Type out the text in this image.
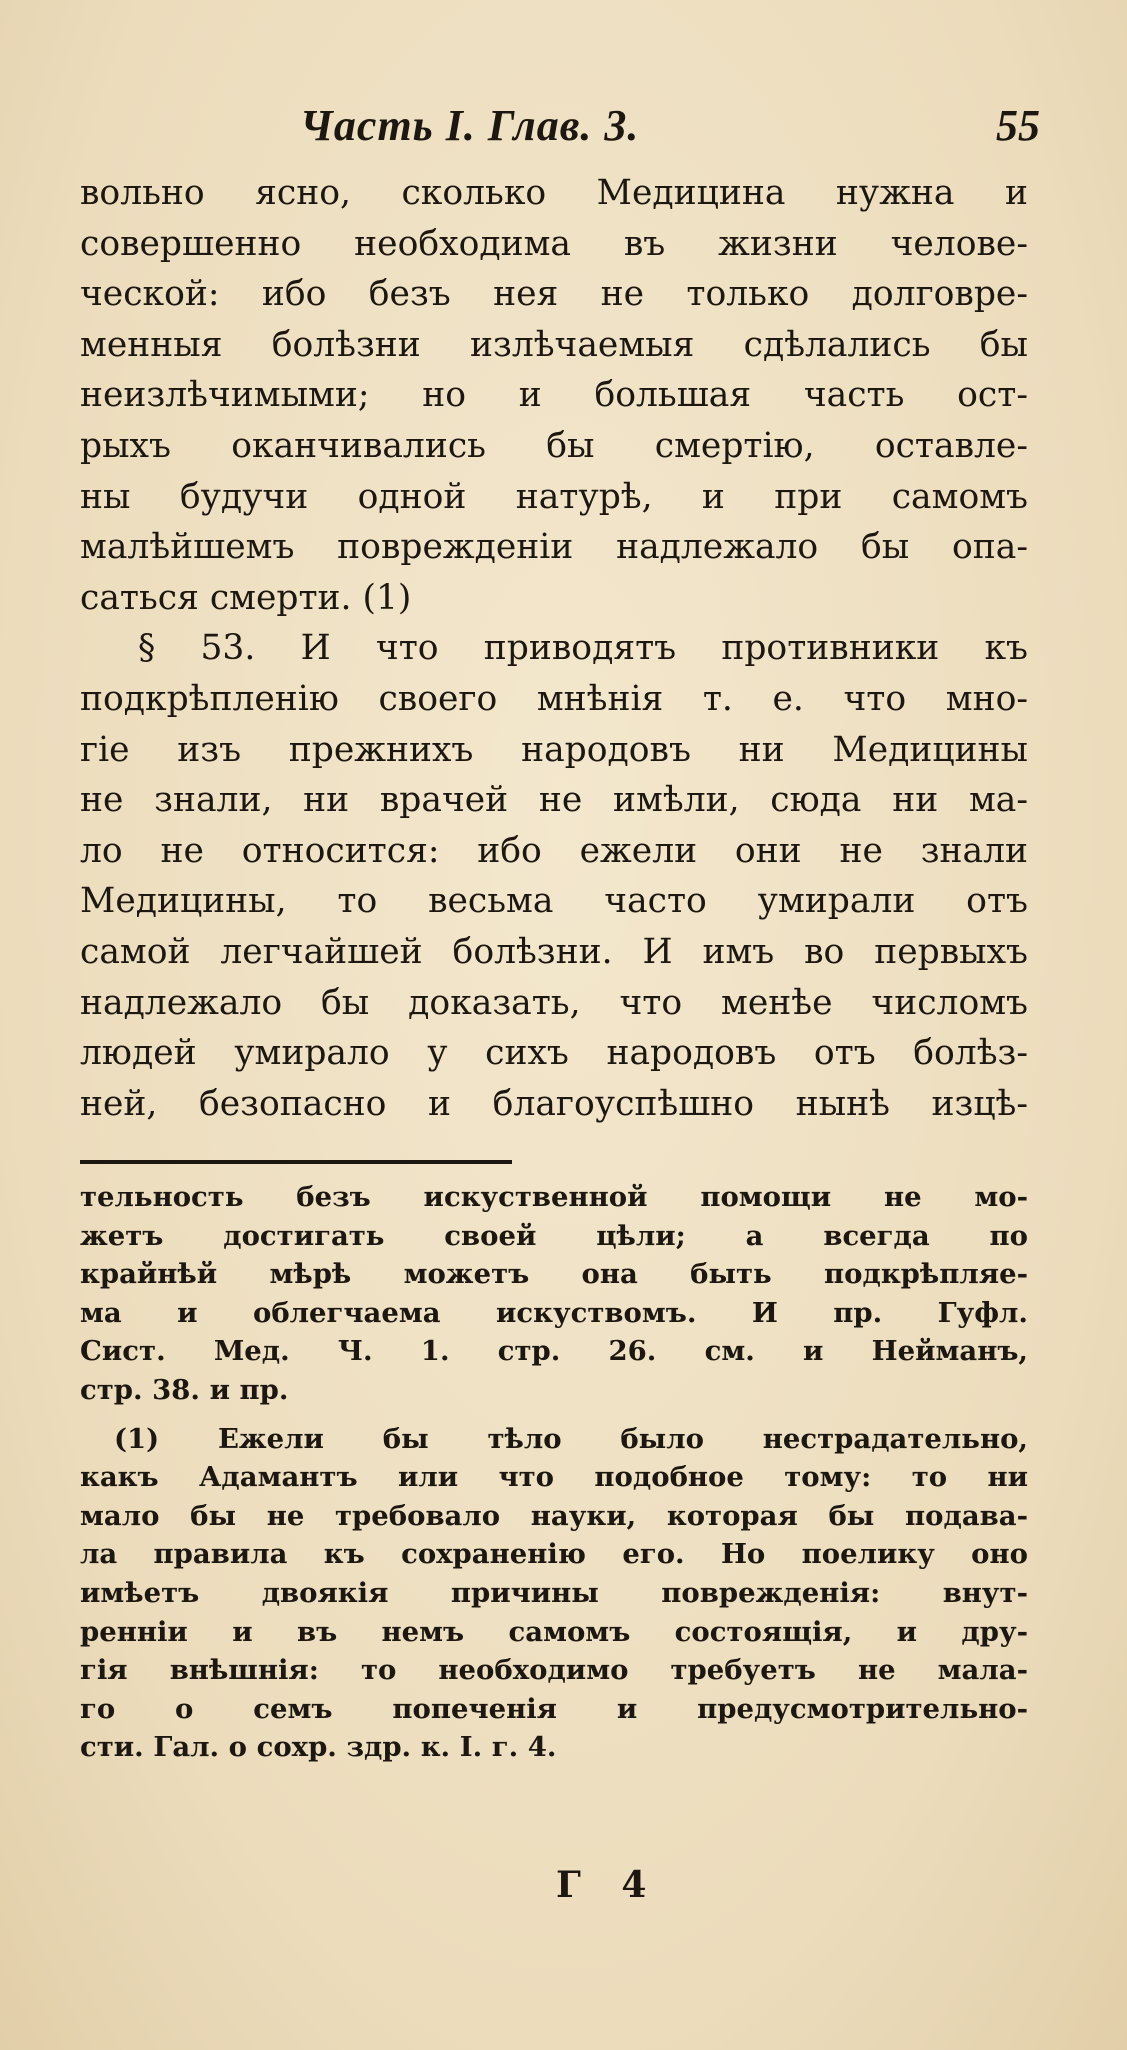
Часть I. Глав. 3.	55
вольно ясно, сколько Медицина нужна и
совершенно необходима въ жизни челове-
ческой: ибо безъ нея не только долговре-
менныя болѣзни излѣчаемыя сдѣлались бы
неизлѣчимыми; но и большая часть ост-
рыхъ оканчивались бы смертію, оставле-
ны будучи одной натурѣ, и при самомъ
малѣйшемъ поврежденіи надлежало бы опа-
саться смерти. (1)
§ 53. И что приводятъ противники къ
подкрѣпленію своего мнѣнія т. е. что мно-
гіе изъ прежнихъ народовъ ни Медицины
не знали, ни врачей не имѣли, сюда ни ма-
ло не относится: ибо ежели они не знали
Медицины, то весьма часто умирали отъ
самой легчайшей болѣзни. И имъ во первыхъ
надлежало бы доказать, что менѣе числомъ
людей умирало у сихъ народовъ отъ болѣз-
ней, безопасно и благоуспѣшно нынѣ изцѣ-
тельность безъ искуственной помощи не мо-
жетъ достигать своей цѣли; а всегда по
крайнѣй мѣрѣ можетъ она быть подкрѣпляе-
ма и облегчаема искуствомъ. И пр. Гуфл.
Сист. Мед. Ч. 1. стр. 26. см. и Нейманъ,
стр. 38. и пр.
(1) Ежели бы тѣло было нестрадательно,
какъ Адамантъ или что подобное тому: то ни
мало бы не требовало науки, которая бы подава-
ла правила къ сохраненію его. Но поелику оно
имѣетъ двоякія причины поврежденія: внут-
ренніи и въ немъ самомъ состоящія, и дру-
гія внѣшнія: то необходимо требуетъ не мала-
го о семъ попеченія и предусмотрительно-
сти. Гал. о сохр. здр. к. I. г. 4.
Г 4
